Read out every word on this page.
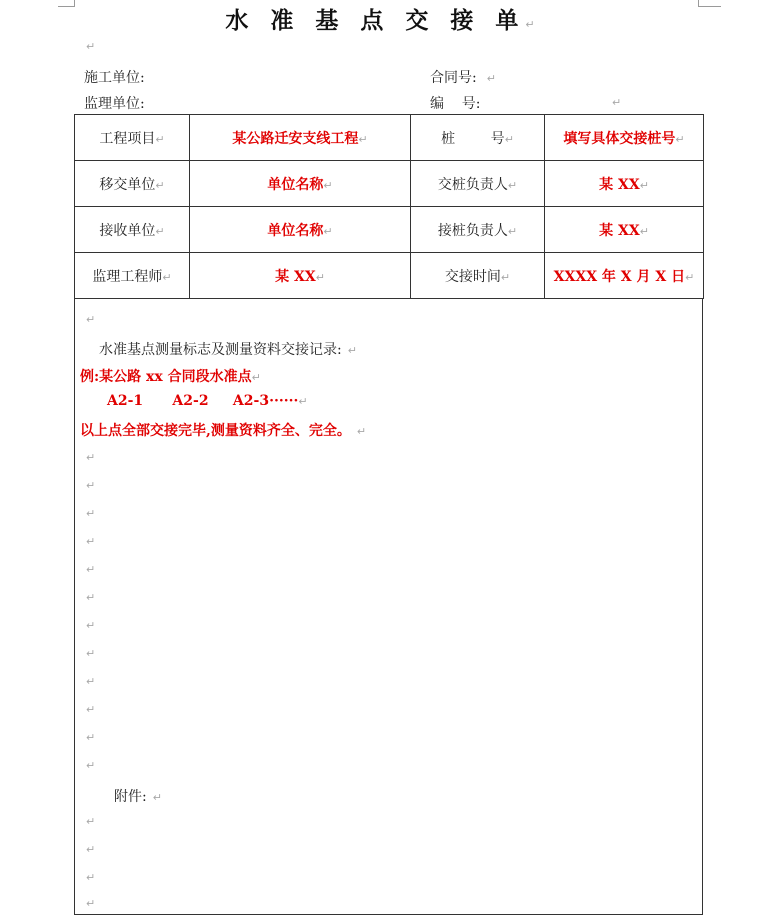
水 准 基 点 交 接 单↵
↵
施工单位:	合同号: ↵
监理单位:	编    号:	↵
工程项目↵	某公路迁安支线工程↵	桩        号↵	填写具体交接桩号↵
移交单位↵	单位名称↵	交桩负责人↵	某 XX↵
接收单位↵	单位名称↵	接桩负责人↵	某 XX↵
监理工程师↵	某 XX↵	交接时间↵	XXXX 年 X 月 X 日↵
↵
水准基点测量标志及测量资料交接记录: ↵
例:某公路 xx 合同段水准点↵
A2-1      A2-2     A2-3······↵
以上点全部交接完毕,测量资料齐全、完全。 ↵
↵
↵
↵
↵
↵
↵
↵
↵
↵
↵
↵
↵
附件: ↵
↵
↵
↵
↵
